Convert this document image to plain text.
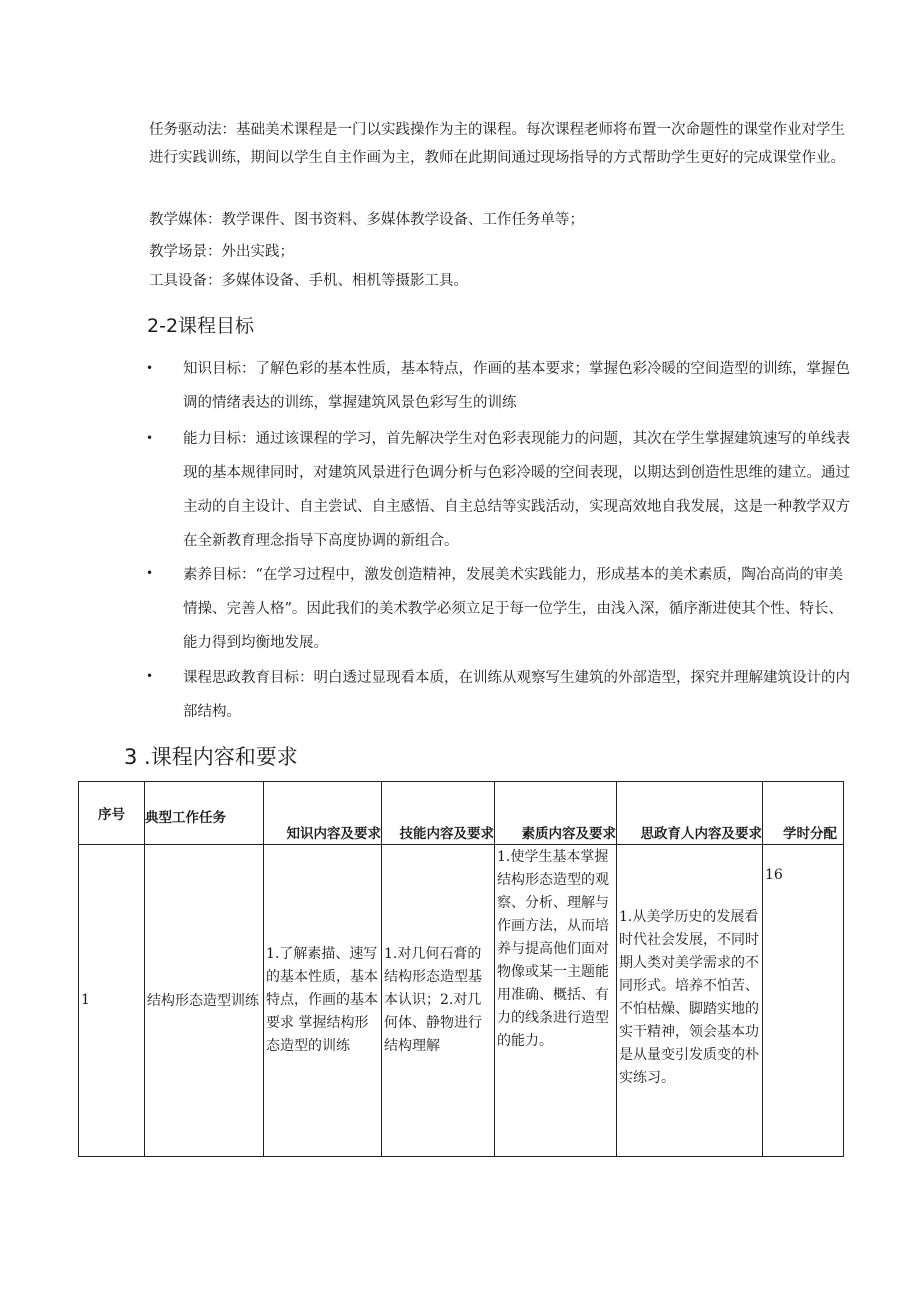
任务驱动法：基础美术课程是一门以实践操作为主的课程。每次课程老师将布置一次命题性的课堂作业对学生进行实践训练，期间以学生自主作画为主，教师在此期间通过现场指导的方式帮助学生更好的完成课堂作业。
教学媒体：教学课件、图书资料、多媒体教学设备、工作任务单等；
教学场景：外出实践；
工具设备：多媒体设备、手机、相机等摄影工具。
2-2课程目标
• 知识目标：了解色彩的基本性质，基本特点，作画的基本要求；掌握色彩冷暖的空间造型的训练，掌握色调的情绪表达的训练，掌握建筑风景色彩写生的训练
• 能力目标：通过该课程的学习，首先解决学生对色彩表现能力的问题，其次在学生掌握建筑速写的单线表现的基本规律同时，对建筑风景进行色调分析与色彩冷暖的空间表现，以期达到创造性思维的建立。通过主动的自主设计、自主尝试、自主感悟、自主总结等实践活动，实现高效地自我发展，这是一种教学双方在全新教育理念指导下高度协调的新组合。
• 素养目标：“在学习过程中，激发创造精神，发展美术实践能力，形成基本的美术素质，陶冶高尚的审美情操、完善人格”。因此我们的美术教学必须立足于每一位学生，由浅入深，循序渐进使其个性、特长、能力得到均衡地发展。
• 课程思政教育目标：明白透过显现看本质，在训练从观察写生建筑的外部造型，探究并理解建筑设计的内部结构。
3 .课程内容和要求
序号	典型工作任务	知识内容及要求	技能内容及要求	素质内容及要求	思政育人内容及要求	学时分配

1	结构形态造型训练	1.了解素描、速写的基本性质，基本特点，作画的基本要求 掌握结构形态造型的训练	1.对几何石膏的结构形态造型基本认识；2.对几何体、静物进行结构理解	1.使学生基本掌握结构形态造型的观察、分析、理解与作画方法，从而培养与提高他们面对物像或某一主题能用准确、概括、有力的线条进行造型的能力。	1.从美学历史的发展看时代社会发展，不同时期人类对美学需求的不同形式。培养不怕苦、不怕枯燥、脚踏实地的实干精神，领会基本功是从量变引发质变的朴实练习。	16
